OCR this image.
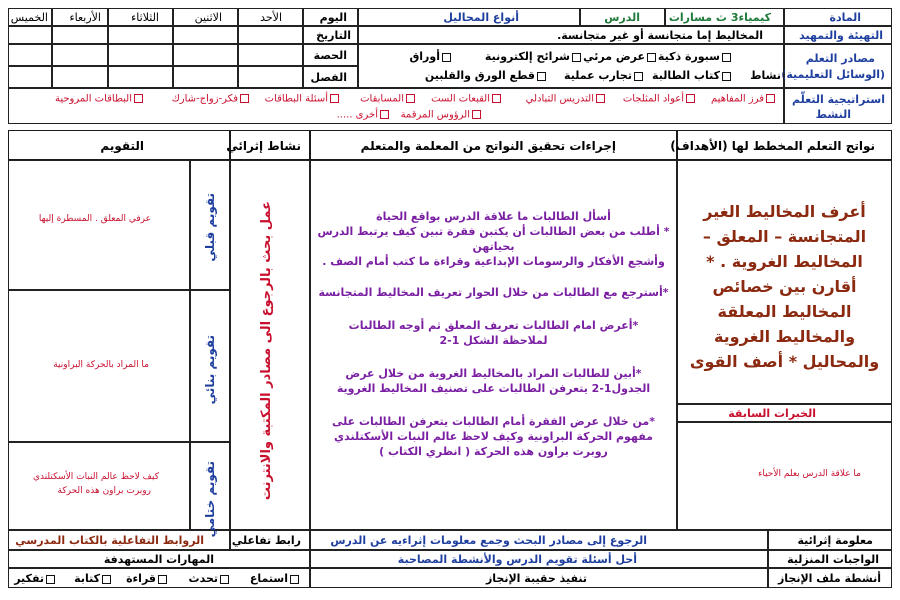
المادة
كيمياء3 ث مسارات
الدرس
أنواع المحاليل
اليوم
الأحد
الاثنين
الثلاثاء
الأربعاء
الخميس
التهيئة والتمهيد
المخاليط إما متجانسة أو غير متجانسة.
التاريخ
مصادر التعلم
(الوسائل التعليمية)
سبورة ذكية
عرض مرئي
شرائح إلكترونية
أوراق
نشاط
كتاب الطالبة
تجارب عملية
قطع الورق والقلبين
الحصة
الفصل
استراتيجية التعلّم
النشط
فرز المفاهيم
أعواد المثلجات
التدريس التبادلي
القبعات الست
المسابقات
أسئلة البطاقات
فكر-زواج-شارك
البطاقات المروحية
الرؤوس المرقمة
أخرى .....
نواتج التعلم المخطط لها (الأهداف)
إجراءات تحقيق النواتج من المعلمة والمتعلم
نشاط إثرائي
التقويم
أعرف المخاليط الغير المتجانسة – المعلق – المخاليط الغروية . * أقارن بين خصائص المخاليط المعلقة والمخاليط الغروية والمحاليل * أصف القوى
الخبرات السابقة
ما علاقة الدرس بعلم الأحياء
أسأل الطالبات ما علاقة الدرس بواقع الحياة
* أطلب من بعض الطالبات أن يكتبن فقرة تبين كيف يرتبط الدرس بحياتهن
وأشجع الأفكار والرسومات الإبداعية وقراءة ما كتب أمام الصف .
*أسترجع مع الطالبات من خلال الحوار تعريف المخاليط المتجانسة
*أعرض امام الطالبات تعريف المعلق ثم أوجه الطالبات
لملاحظة الشكل 1-2
*أبين للطالبات المراد بالمخاليط الغروية من خلال عرض
الجدول1-2 يتعرفن الطالبات على تصنيف المخاليط الغروية
*من خلال عرض الفقرة أمام الطالبات يتعرفن الطالبات على
مفهوم الحركة البراونية وكيف لاحظ عالم النبات الأسكتلندي
روبرت براون هذه الحركة ( انظري الكتاب )
عمل بحث بالرجوع الى مصادر المكتبة والانترنت
تقويم قبلي
عرفي المعلق . المسطرة إليها
تقويم بنائي
ما المراد بالحركة البراونية
تقويم ختامي
كيف لاحظ عالم النبات الأسكتلندي
روبرت براون هذه الحركة
معلومة إثرائية
الرجوع إلى مصادر البحث وجمع معلومات إثراءيه عن الدرس
رابط تفاعلي
الروابط التفاعلية بالكتاب المدرسي
الواجبات المنزلية
أحل أسئلة تقويم الدرس والأنشطة المصاحبة
المهارات المستهدفة
أنشطة ملف الإنجاز
تنفيذ حقيبة الإنجاز
استماع
تحدث
قراءة
كتابة
تفكير
